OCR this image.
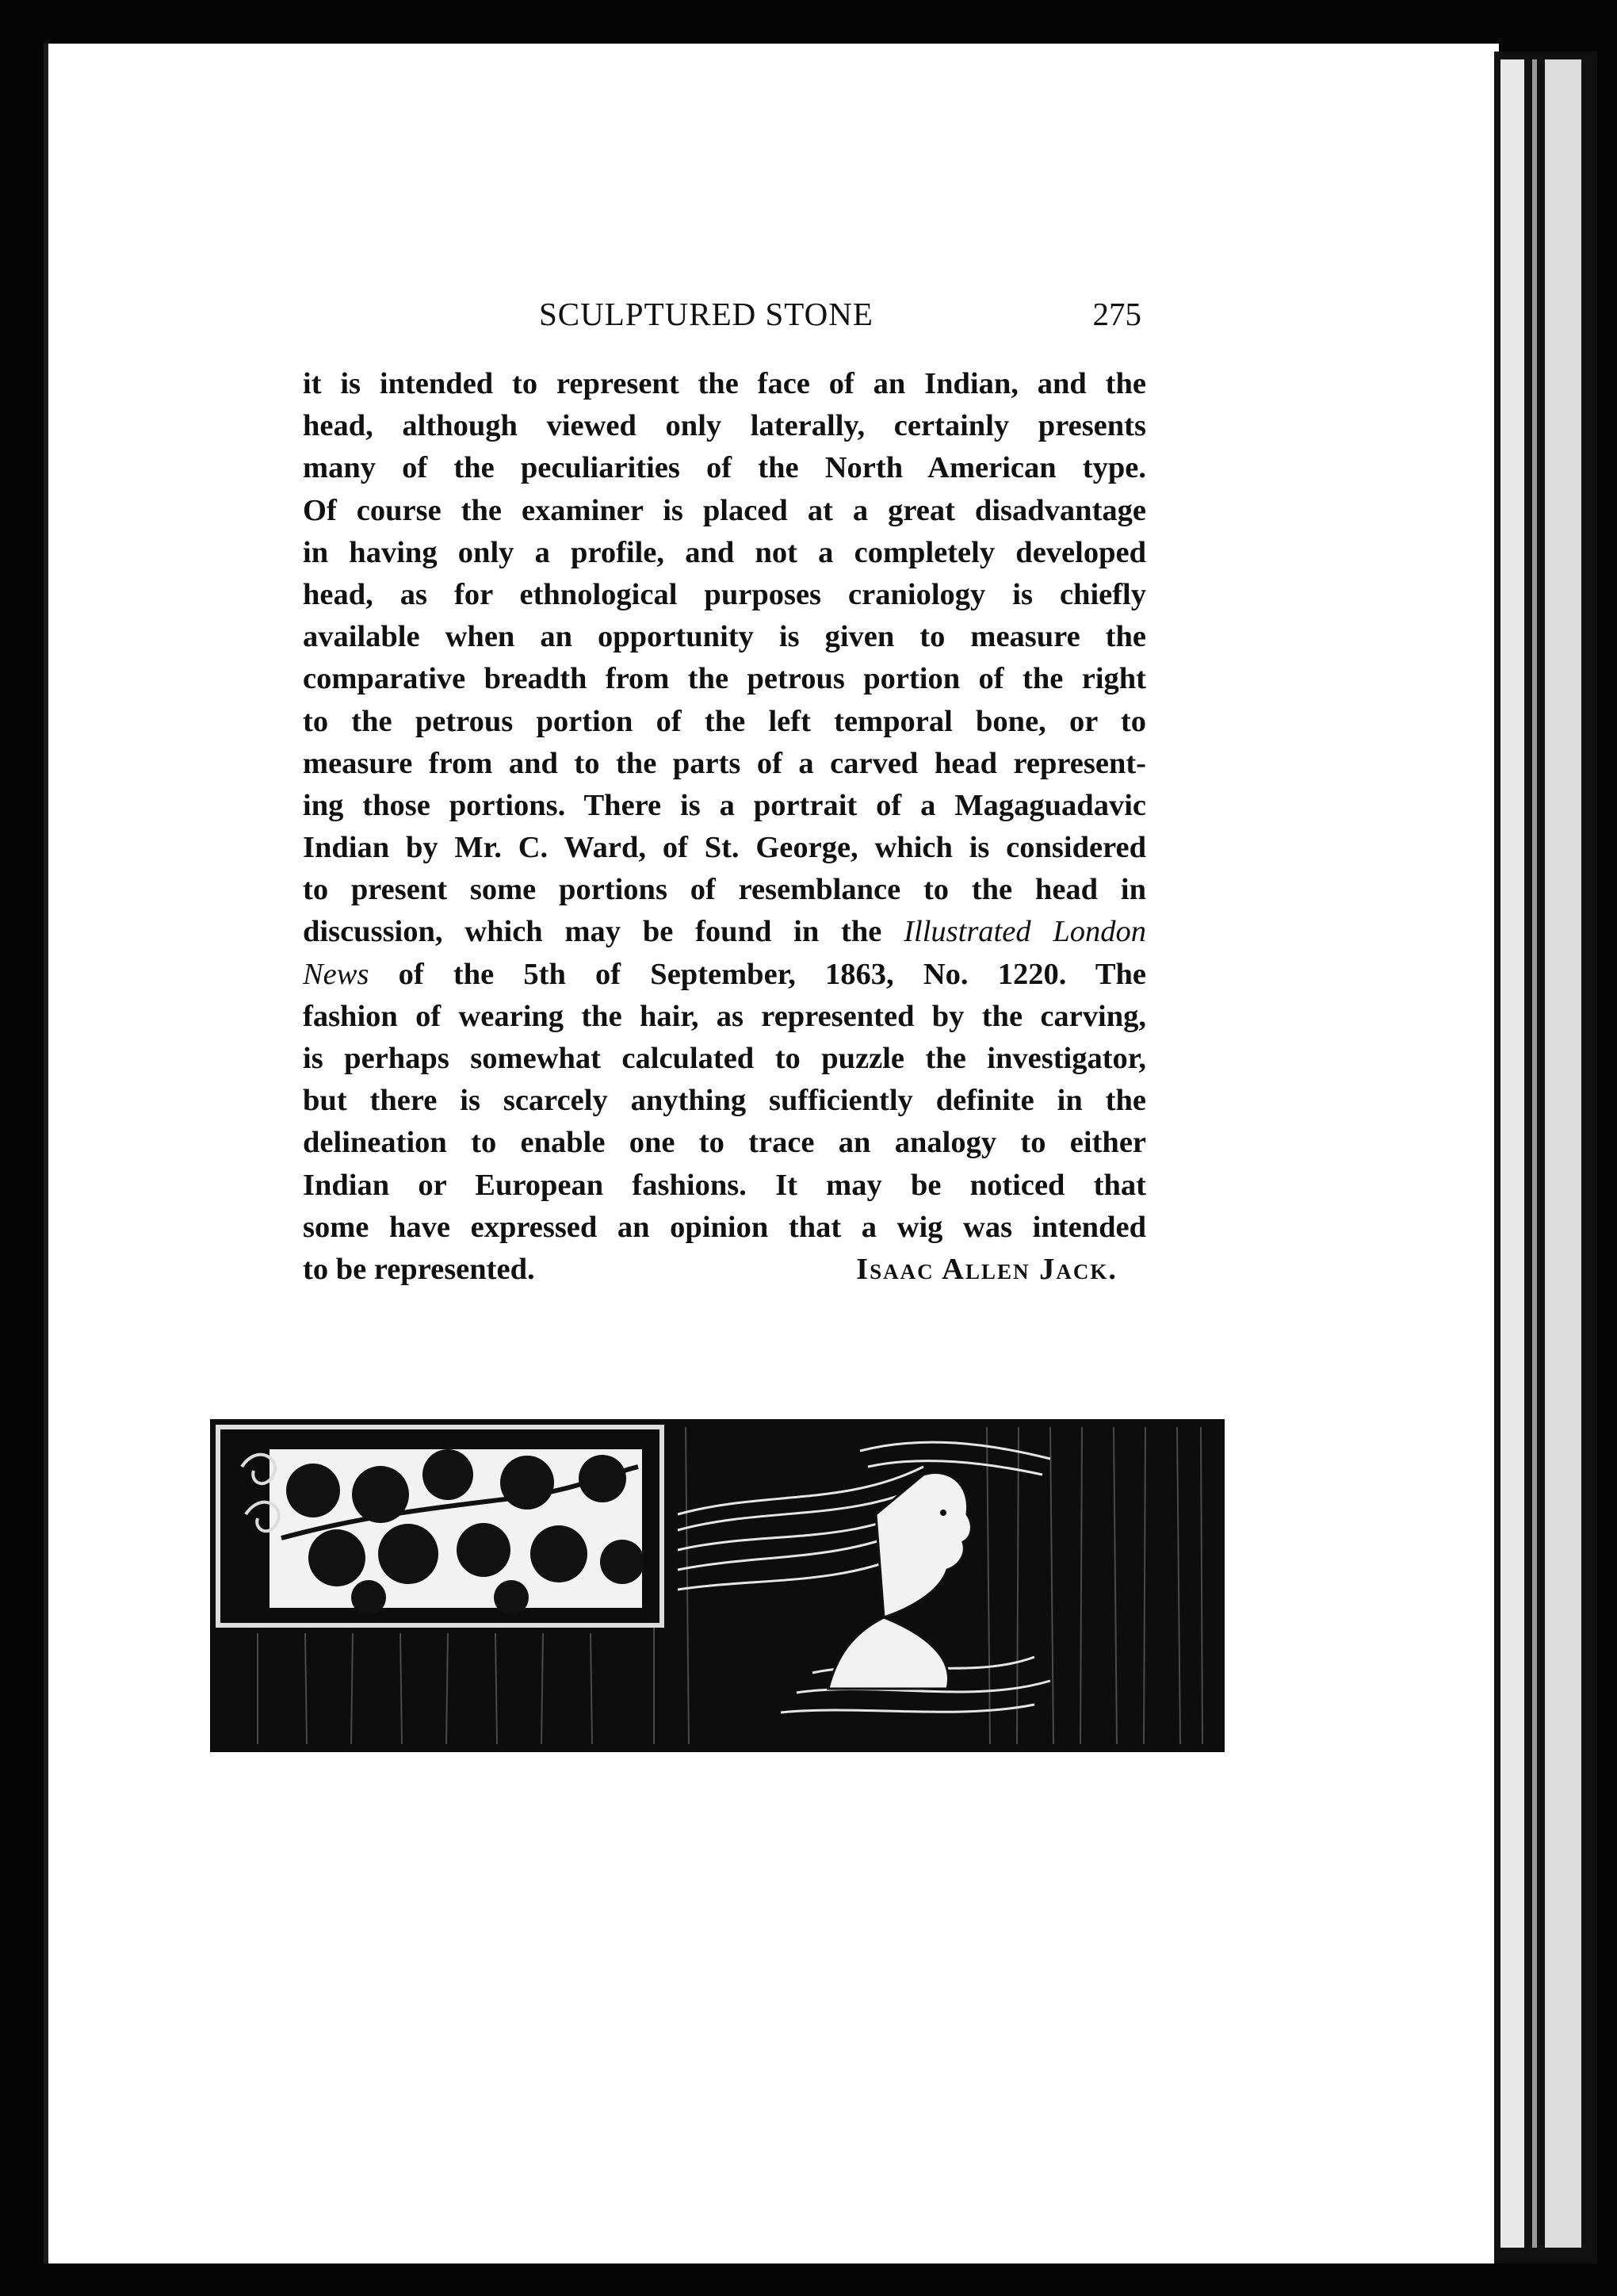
SCULPTURED STONE	275
it is intended to represent the face of an Indian, and the
head, although viewed only laterally, certainly presents
many of the peculiarities of the North American type.
Of course the examiner is placed at a great disadvantage
in having only a profile, and not a completely developed
head, as for ethnological purposes craniology is chiefly
available when an opportunity is given to measure the
comparative breadth from the petrous portion of the right
to the petrous portion of the left temporal bone, or to
measure from and to the parts of a carved head represent-
ing those portions. There is a portrait of a Magaguadavic
Indian by Mr. C. Ward, of St. George, which is considered
to present some portions of resemblance to the head in
discussion, which may be found in the Illustrated London
News of the 5th of September, 1863, No. 1220. The
fashion of wearing the hair, as represented by the carving,
is perhaps somewhat calculated to puzzle the investigator,
but there is scarcely anything sufficiently definite in the
delineation to enable one to trace an analogy to either
Indian or European fashions. It may be noticed that
some have expressed an opinion that a wig was intended
to be represented.	Isaac Allen Jack.
